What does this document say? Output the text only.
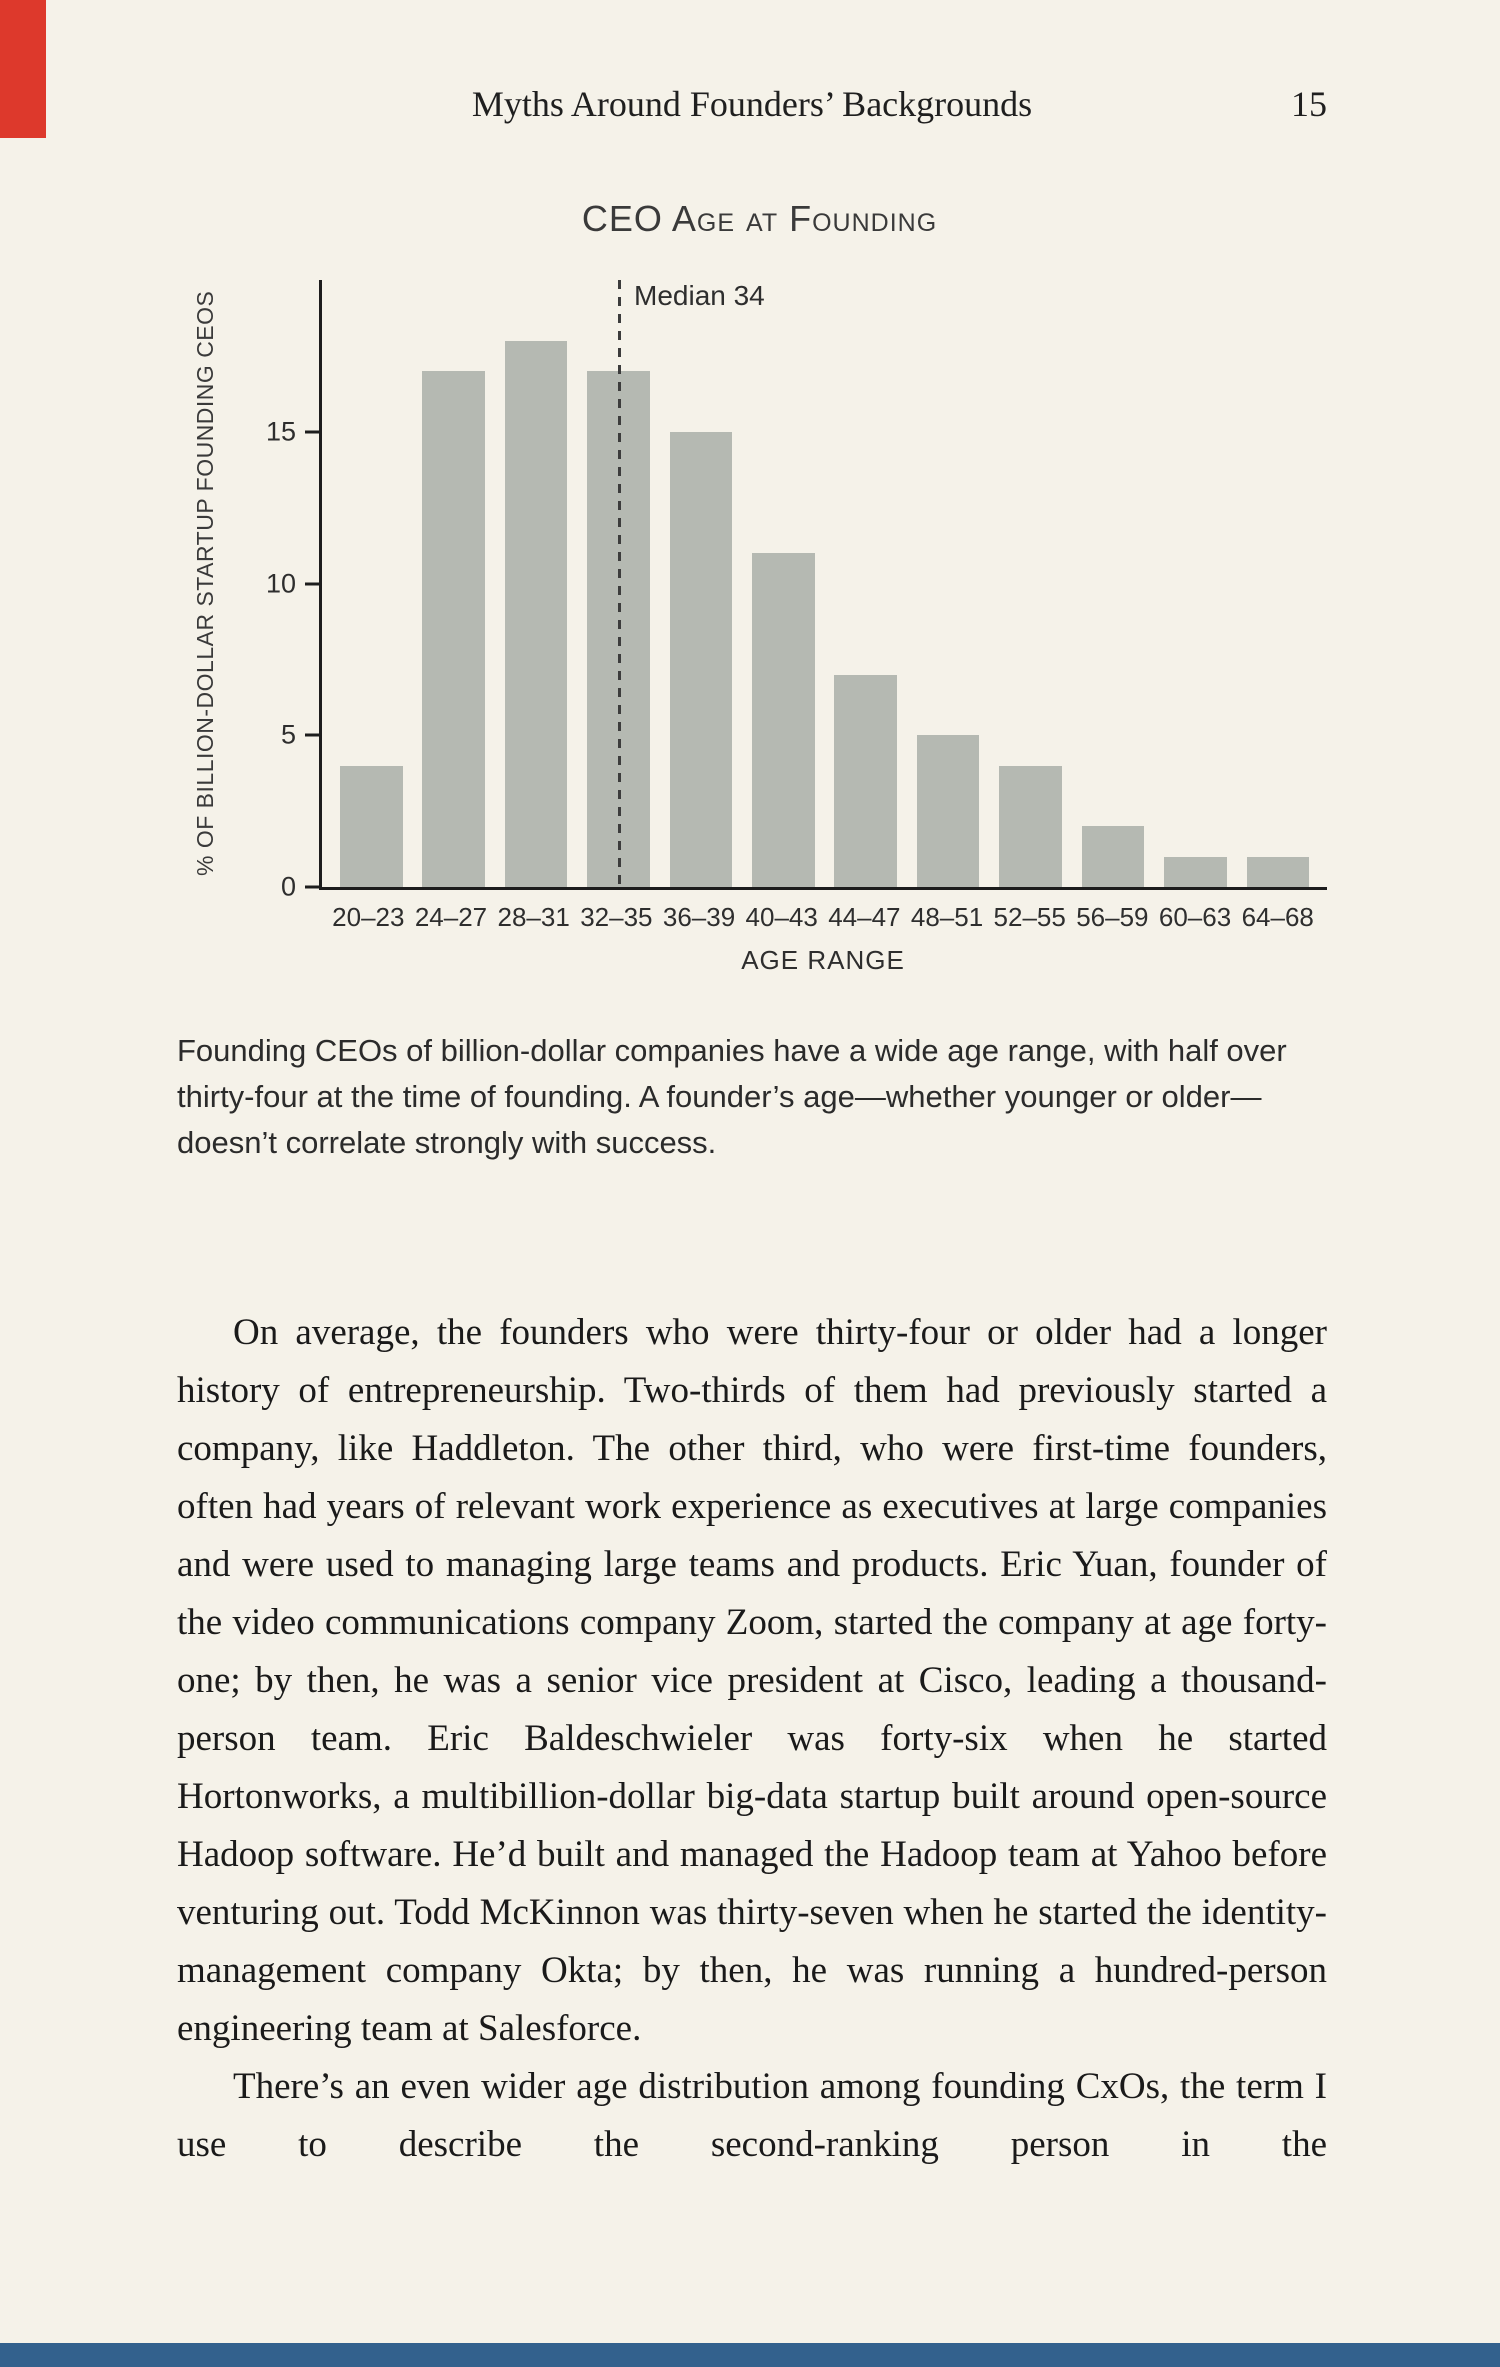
Myths Around Founders’ Backgrounds	15
CEO Age at Founding
% OF BILLION-DOLLAR STARTUP FOUNDING CEOS
0
5
10
15
Median 34
20–23 24–27 28–31 32–35 36–39 40–43 44–47 48–51 52–55 56–59 60–63 64–68
AGE RANGE
Founding CEOs of billion-dollar companies have a wide age range, with half over thirty-four at the time of founding. A founder’s age—whether younger or older—doesn’t correlate strongly with success.

On average, the founders who were thirty-four or older had a longer history of entrepreneurship. Two-thirds of them had previously started a company, like Haddleton. The other third, who were first-time founders, often had years of relevant work experience as executives at large companies and were used to managing large teams and products. Eric Yuan, founder of the video communications company Zoom, started the company at age forty-one; by then, he was a senior vice president at Cisco, leading a thousand-person team. Eric Baldeschwieler was forty-six when he started Hortonworks, a multibillion-dollar big-data startup built around open-source Hadoop software. He’d built and managed the Hadoop team at Yahoo before venturing out. Todd McKinnon was thirty-seven when he started the identity-management company Okta; by then, he was running a hundred-person engineering team at Salesforce.

There’s an even wider age distribution among founding CxOs, the term I use to describe the second-ranking person in the
